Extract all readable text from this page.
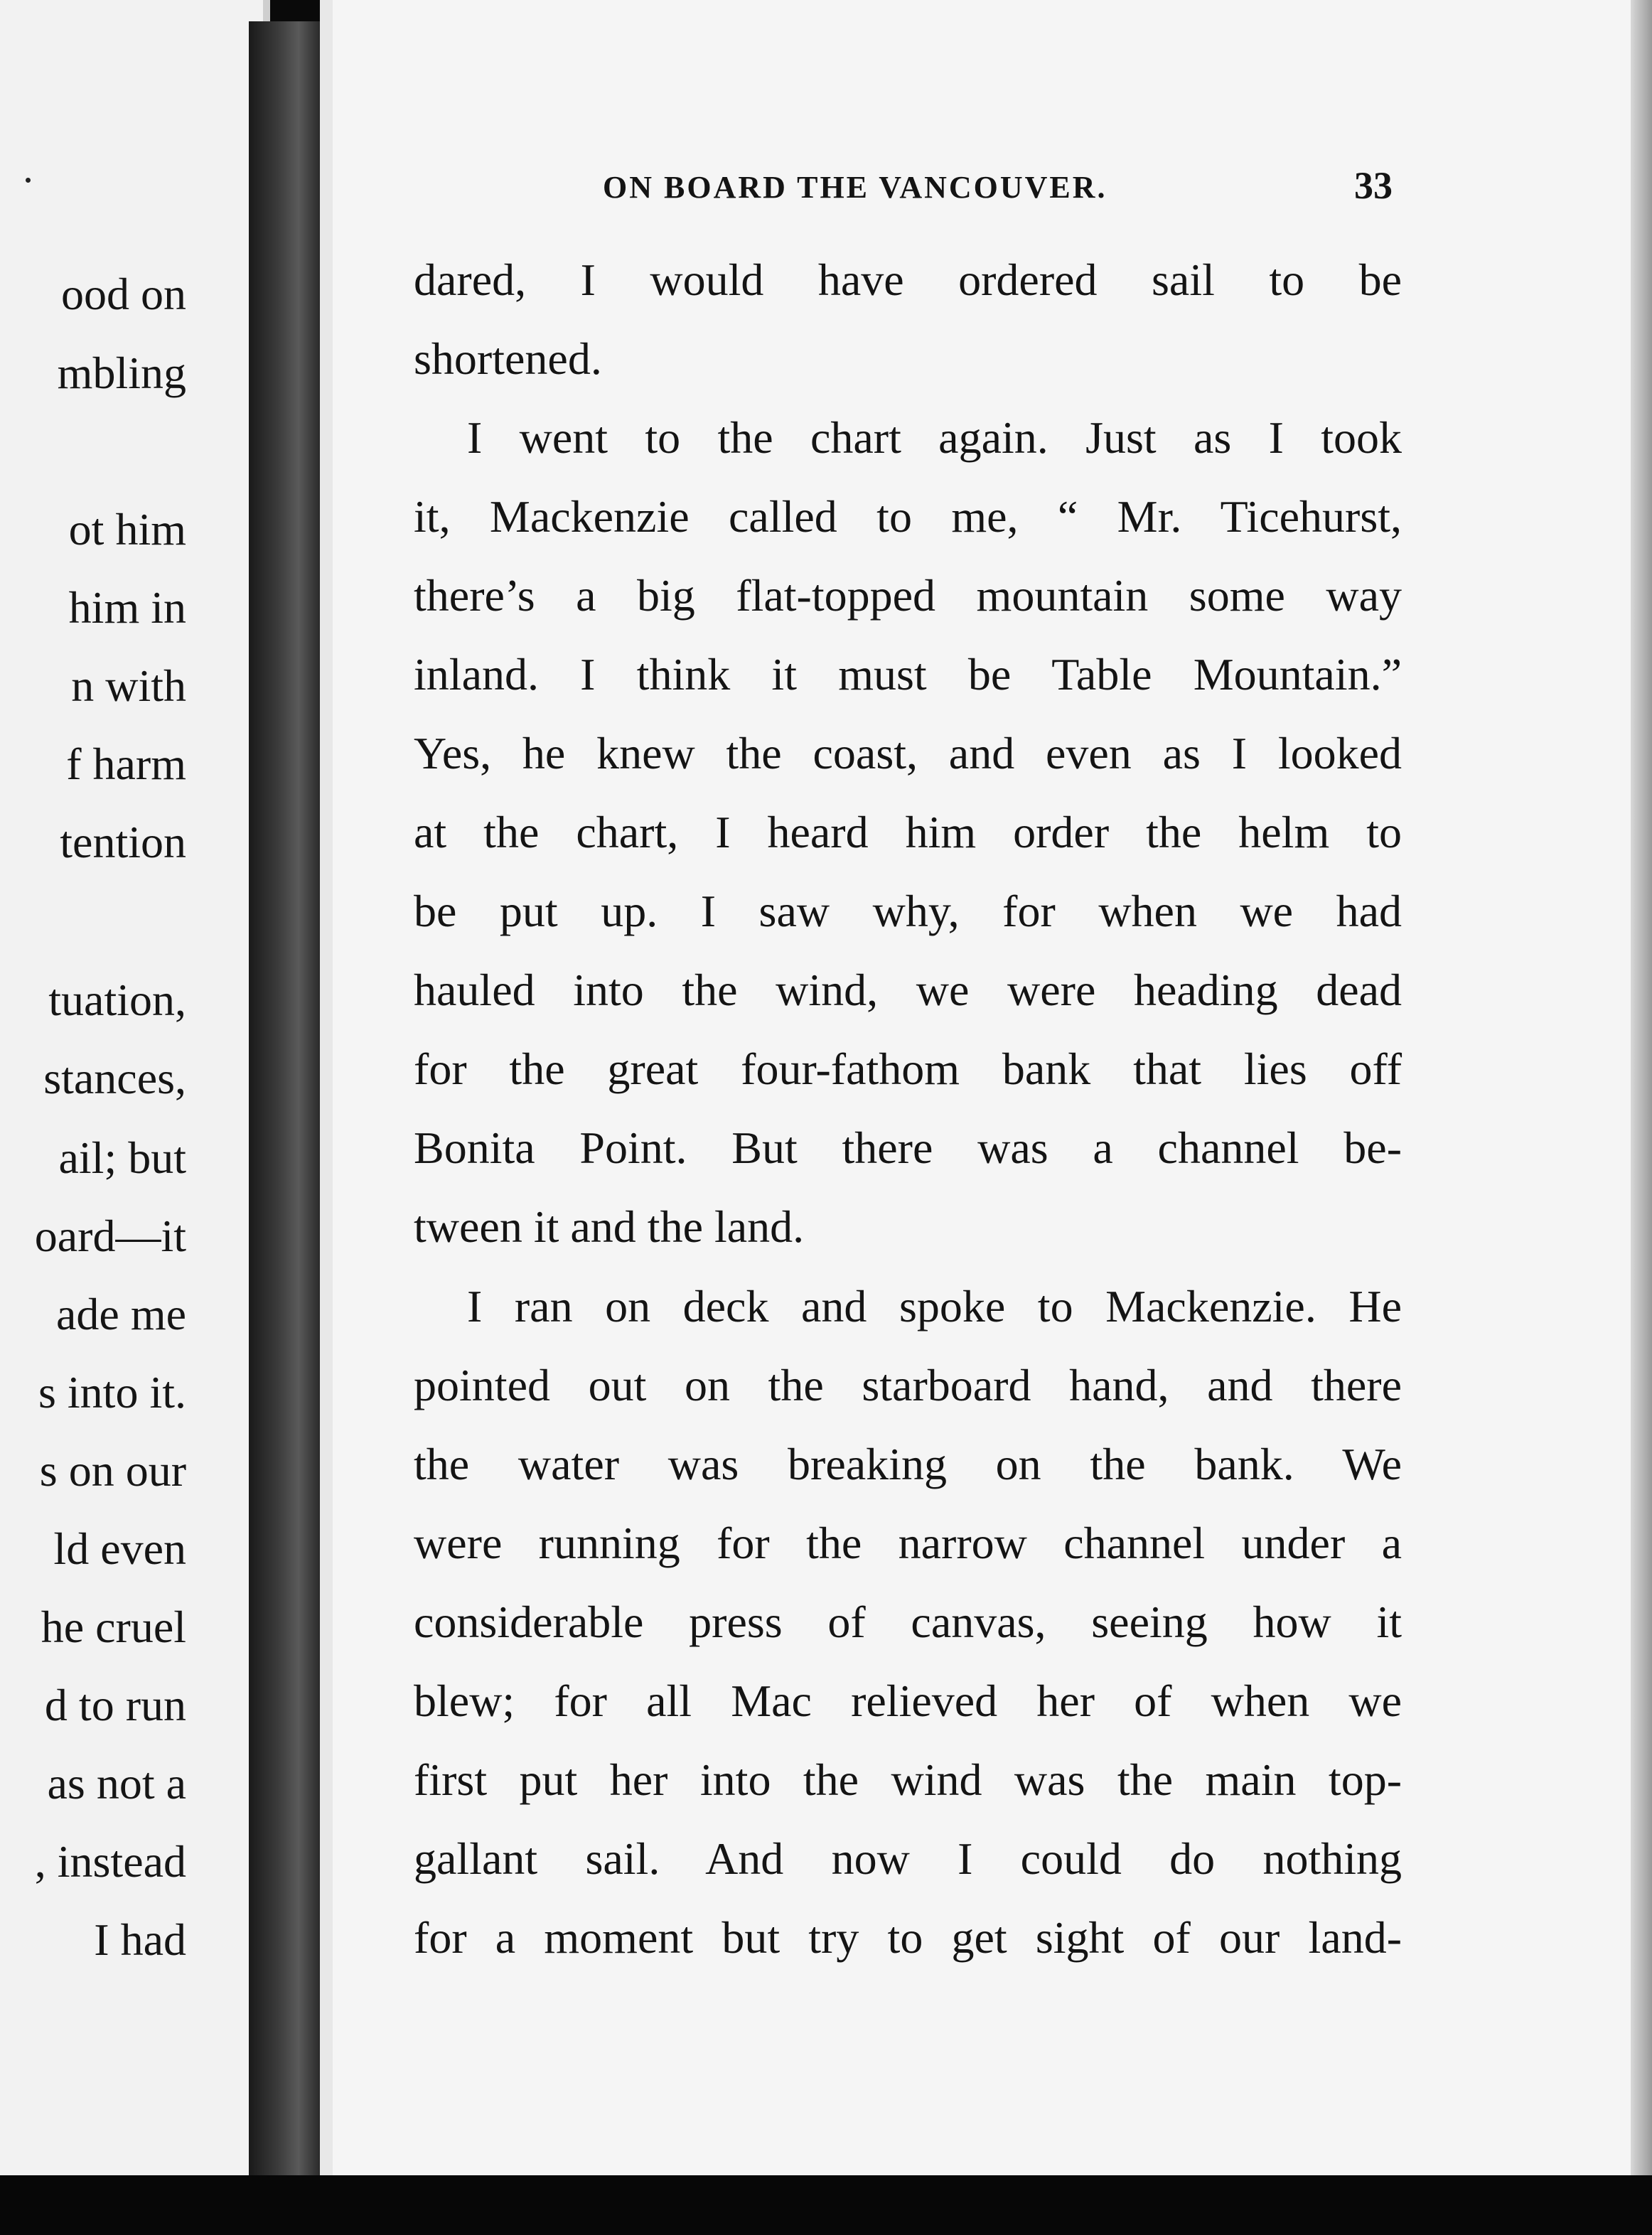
ood on
mbling
ot him
him in
n with
f harm
tention
tuation,
stances,
ail; but
oard—it
ade me
s into it.
s on our
ld even
he cruel
d to run
as not a
, instead
I had
ON BOARD THE VANCOUVER.	33
dared, I would have ordered sail to be
shortened.
I went to the chart again. Just as I took
it, Mackenzie called to me, “ Mr. Ticehurst,
there’s a big flat-topped mountain some way
inland. I think it must be Table Mountain.”
Yes, he knew the coast, and even as I looked
at the chart, I heard him order the helm to
be put up. I saw why, for when we had
hauled into the wind, we were heading dead
for the great four-fathom bank that lies off
Bonita Point. But there was a channel be-
tween it and the land.
I ran on deck and spoke to Mackenzie. He
pointed out on the starboard hand, and there
the water was breaking on the bank. We
were running for the narrow channel under a
considerable press of canvas, seeing how it
blew; for all Mac relieved her of when we
first put her into the wind was the main top-
gallant sail. And now I could do nothing
for a moment but try to get sight of our land-
